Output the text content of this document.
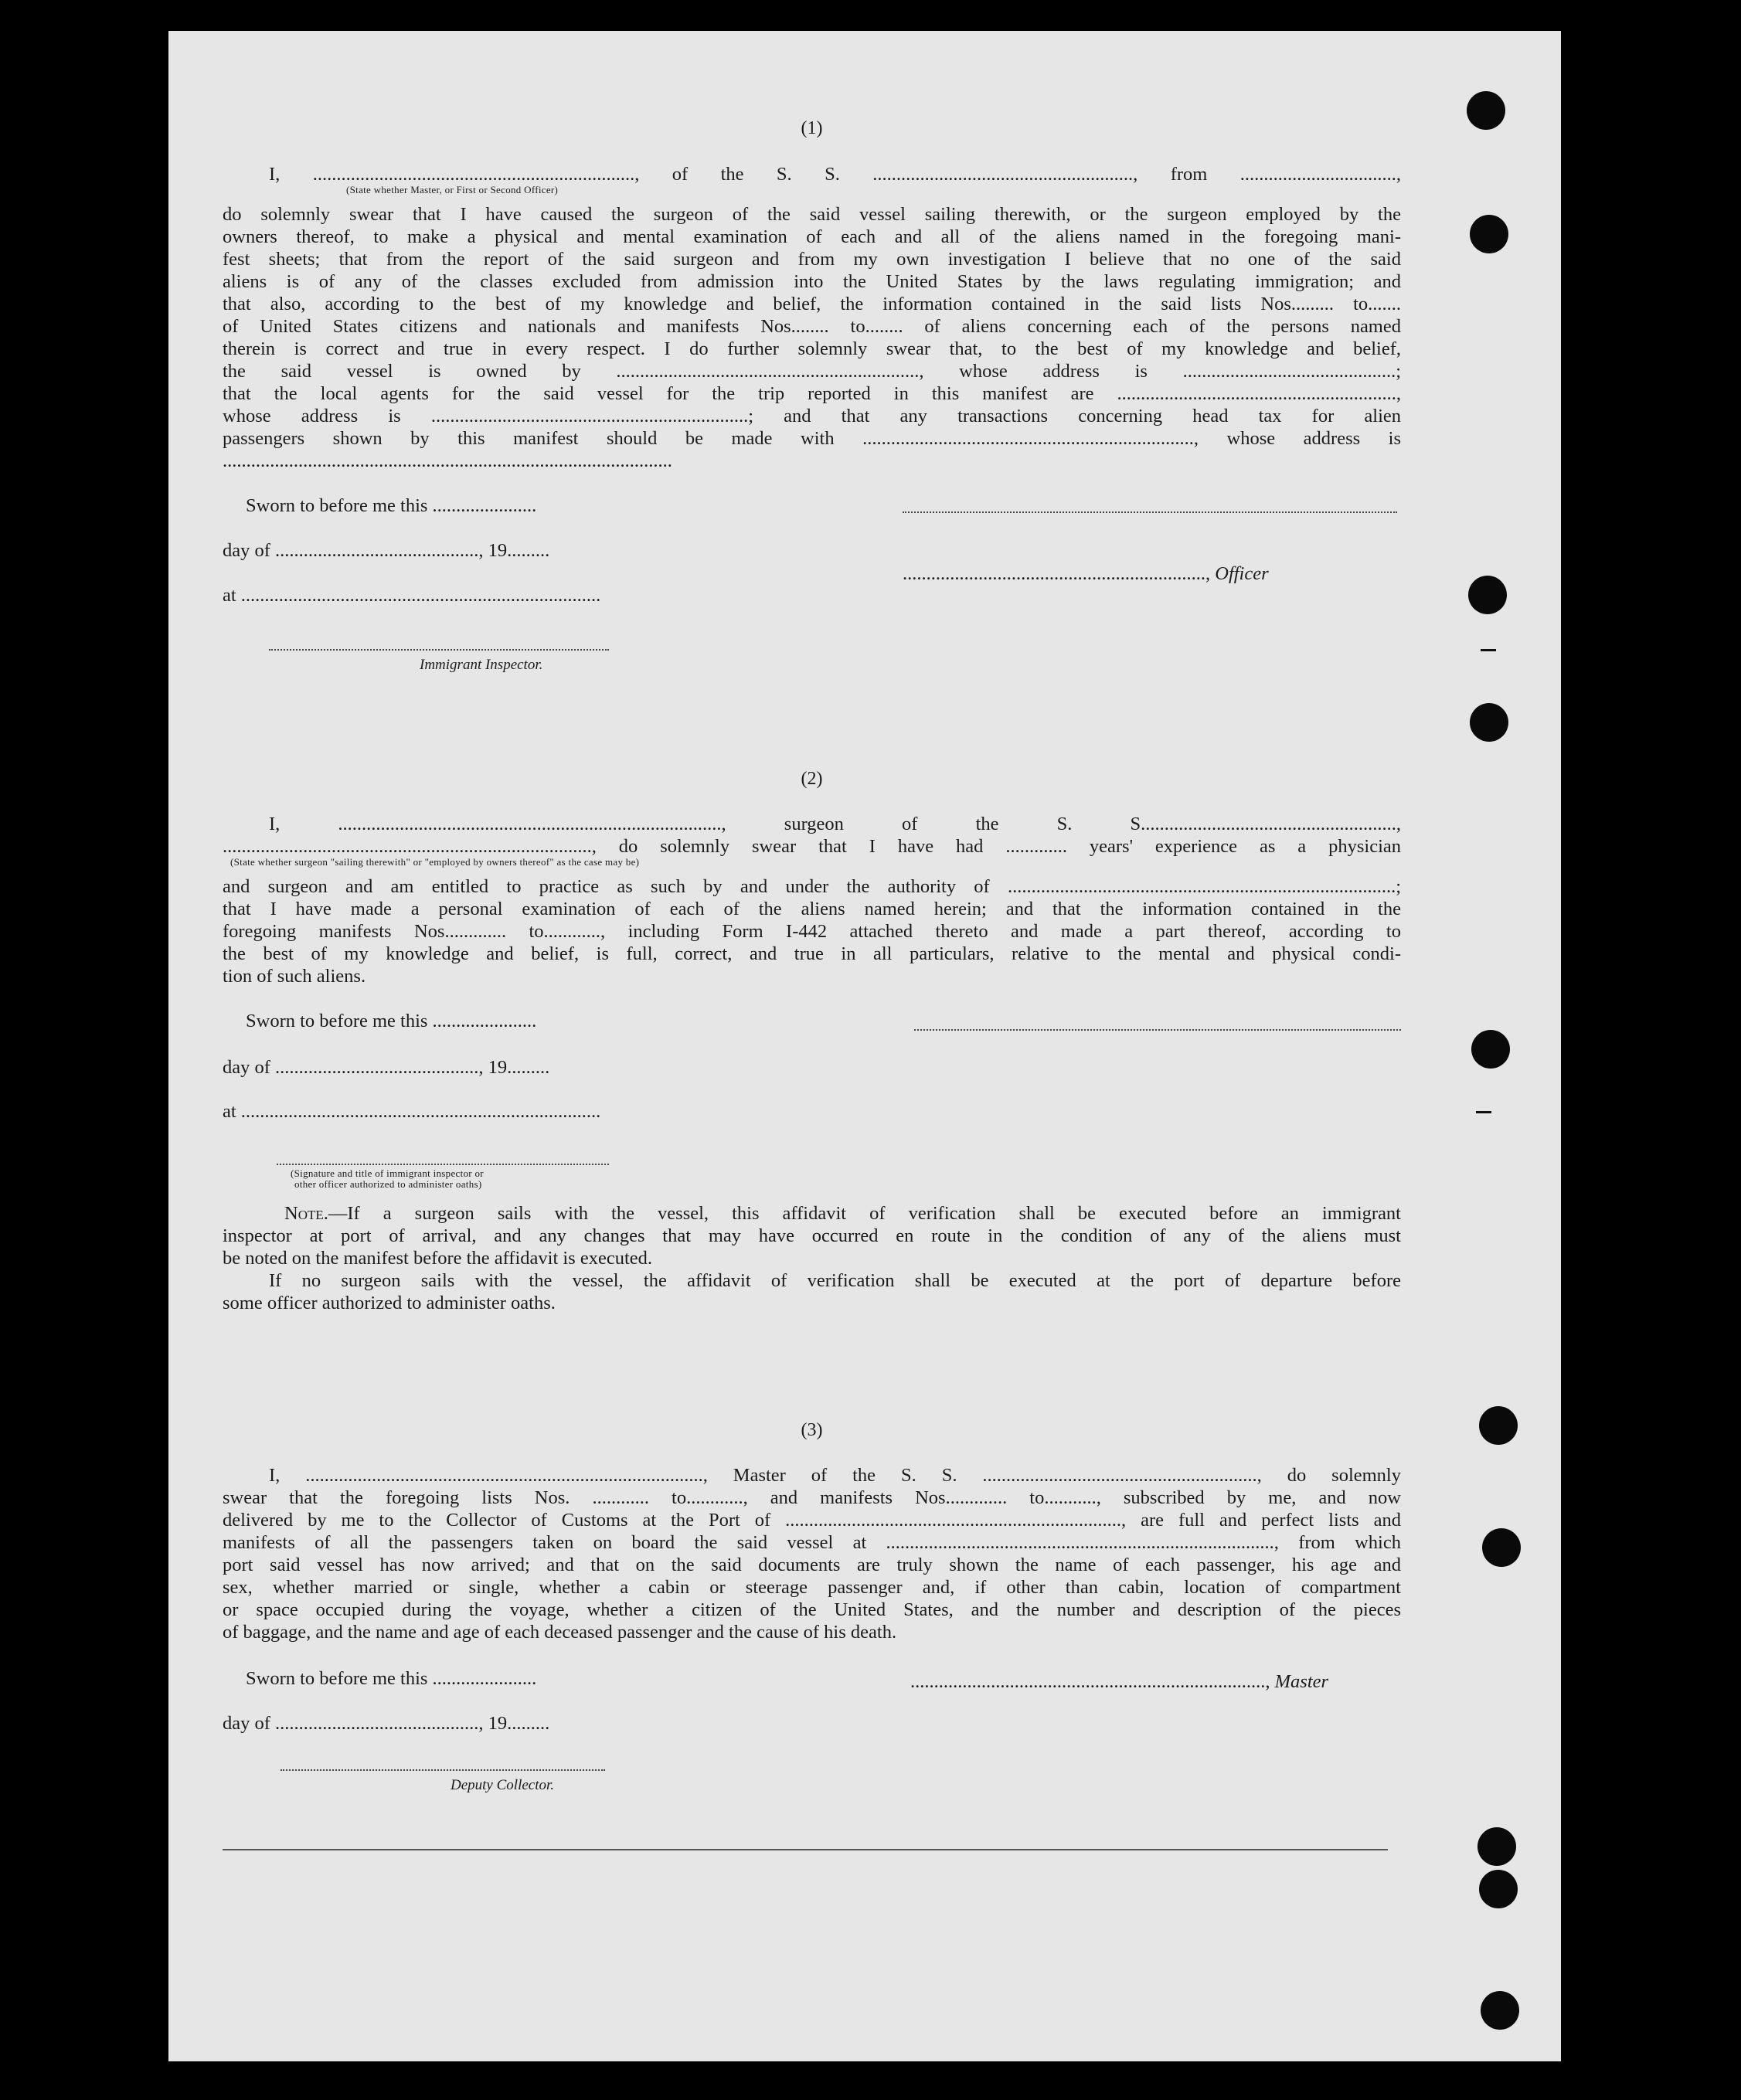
(1)
I, ...................................................................., of the S. S. ......................................................., from .................................,
(State whether Master, or First or Second Officer)
do solemnly swear that I have caused the surgeon of the said vessel sailing therewith, or the surgeon employed by the
owners thereof, to make a physical and mental examination of each and all of the aliens named in the foregoing mani-
fest sheets; that from the report of the said surgeon and from my own investigation I believe that no one of the said
aliens is of any of the classes excluded from admission into the United States by the laws regulating immigration; and
that also, according to the best of my knowledge and belief, the information contained in the said lists Nos......... to.......
of United States citizens and nationals and manifests Nos........ to........ of aliens concerning each of the persons named
therein is correct and true in every respect. I do further solemnly swear that, to the best of my knowledge and belief,
the said vessel is owned by ................................................................, whose address is .............................................;
that the local agents for the said vessel for the trip reported in this manifest are ...........................................................,
whose address is ...................................................................; and that any transactions concerning head tax for alien
passengers shown by this manifest should be made with ......................................................................, whose address is
...............................................................................................
Sworn to before me this ......................
day of ..........................................., 19.........
................................................................, Officer
at ............................................................................
Immigrant Inspector.
(2)
I, ................................................................................., surgeon of the S. S......................................................,
.............................................................................., do solemnly swear that I have had ............. years' experience as a physician
(State whether surgeon "sailing therewith" or "employed by owners thereof" as the case may be)
and surgeon and am entitled to practice as such by and under the authority of ..................................................................................;
that I have made a personal examination of each of the aliens named herein; and that the information contained in the
foregoing manifests Nos............. to............, including Form I-442 attached thereto and made a part thereof, according to
the best of my knowledge and belief, is full, correct, and true in all particulars, relative to the mental and physical condi-
tion of such aliens.
Sworn to before me this ......................
day of ..........................................., 19.........
at ............................................................................
(Signature and title of immigrant inspector or
other officer authorized to administer oaths)
Note.—If a surgeon sails with the vessel, this affidavit of verification shall be executed before an immigrant
inspector at port of arrival, and any changes that may have occurred en route in the condition of any of the aliens must
be noted on the manifest before the affidavit is executed.
If no surgeon sails with the vessel, the affidavit of verification shall be executed at the port of departure before
some officer authorized to administer oaths.
(3)
I, ...................................................................................., Master of the S. S. .........................................................., do solemnly
swear that the foregoing lists Nos. ............ to............, and manifests Nos............. to..........., subscribed by me, and now
delivered by me to the Collector of Customs at the Port of ......................................................................., are full and perfect lists and
manifests of all the passengers taken on board the said vessel at .................................................................................., from which
port said vessel has now arrived; and that on the said documents are truly shown the name of each passenger, his age and
sex, whether married or single, whether a cabin or steerage passenger and, if other than cabin, location of compartment
or space occupied during the voyage, whether a citizen of the United States, and the number and description of the pieces
of baggage, and the name and age of each deceased passenger and the cause of his death.
Sworn to before me this ......................	..........................................................................., Master
day of ..........................................., 19.........
Deputy Collector.
